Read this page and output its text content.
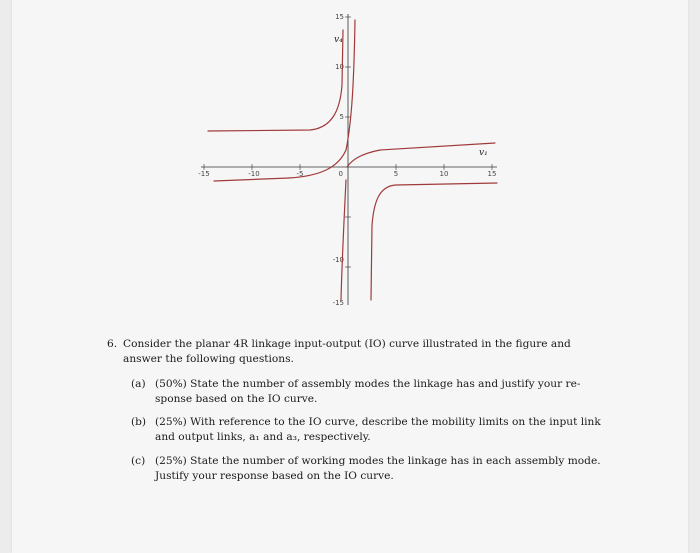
-15	-10	-5	5	10	15
15
10
5
-10
-15
0
v₄
v₁
6. Consider the planar 4R linkage input-output (IO) curve illustrated in the figure and answer the following questions.
(a) (50%) State the number of assembly modes the linkage has and justify your re-sponse based on the IO curve.
(b) (25%) With reference to the IO curve, describe the mobility limits on the input link and output links, a₁ and a₃, respectively.
(c) (25%) State the number of working modes the linkage has in each assembly mode. Justify your response based on the IO curve.
